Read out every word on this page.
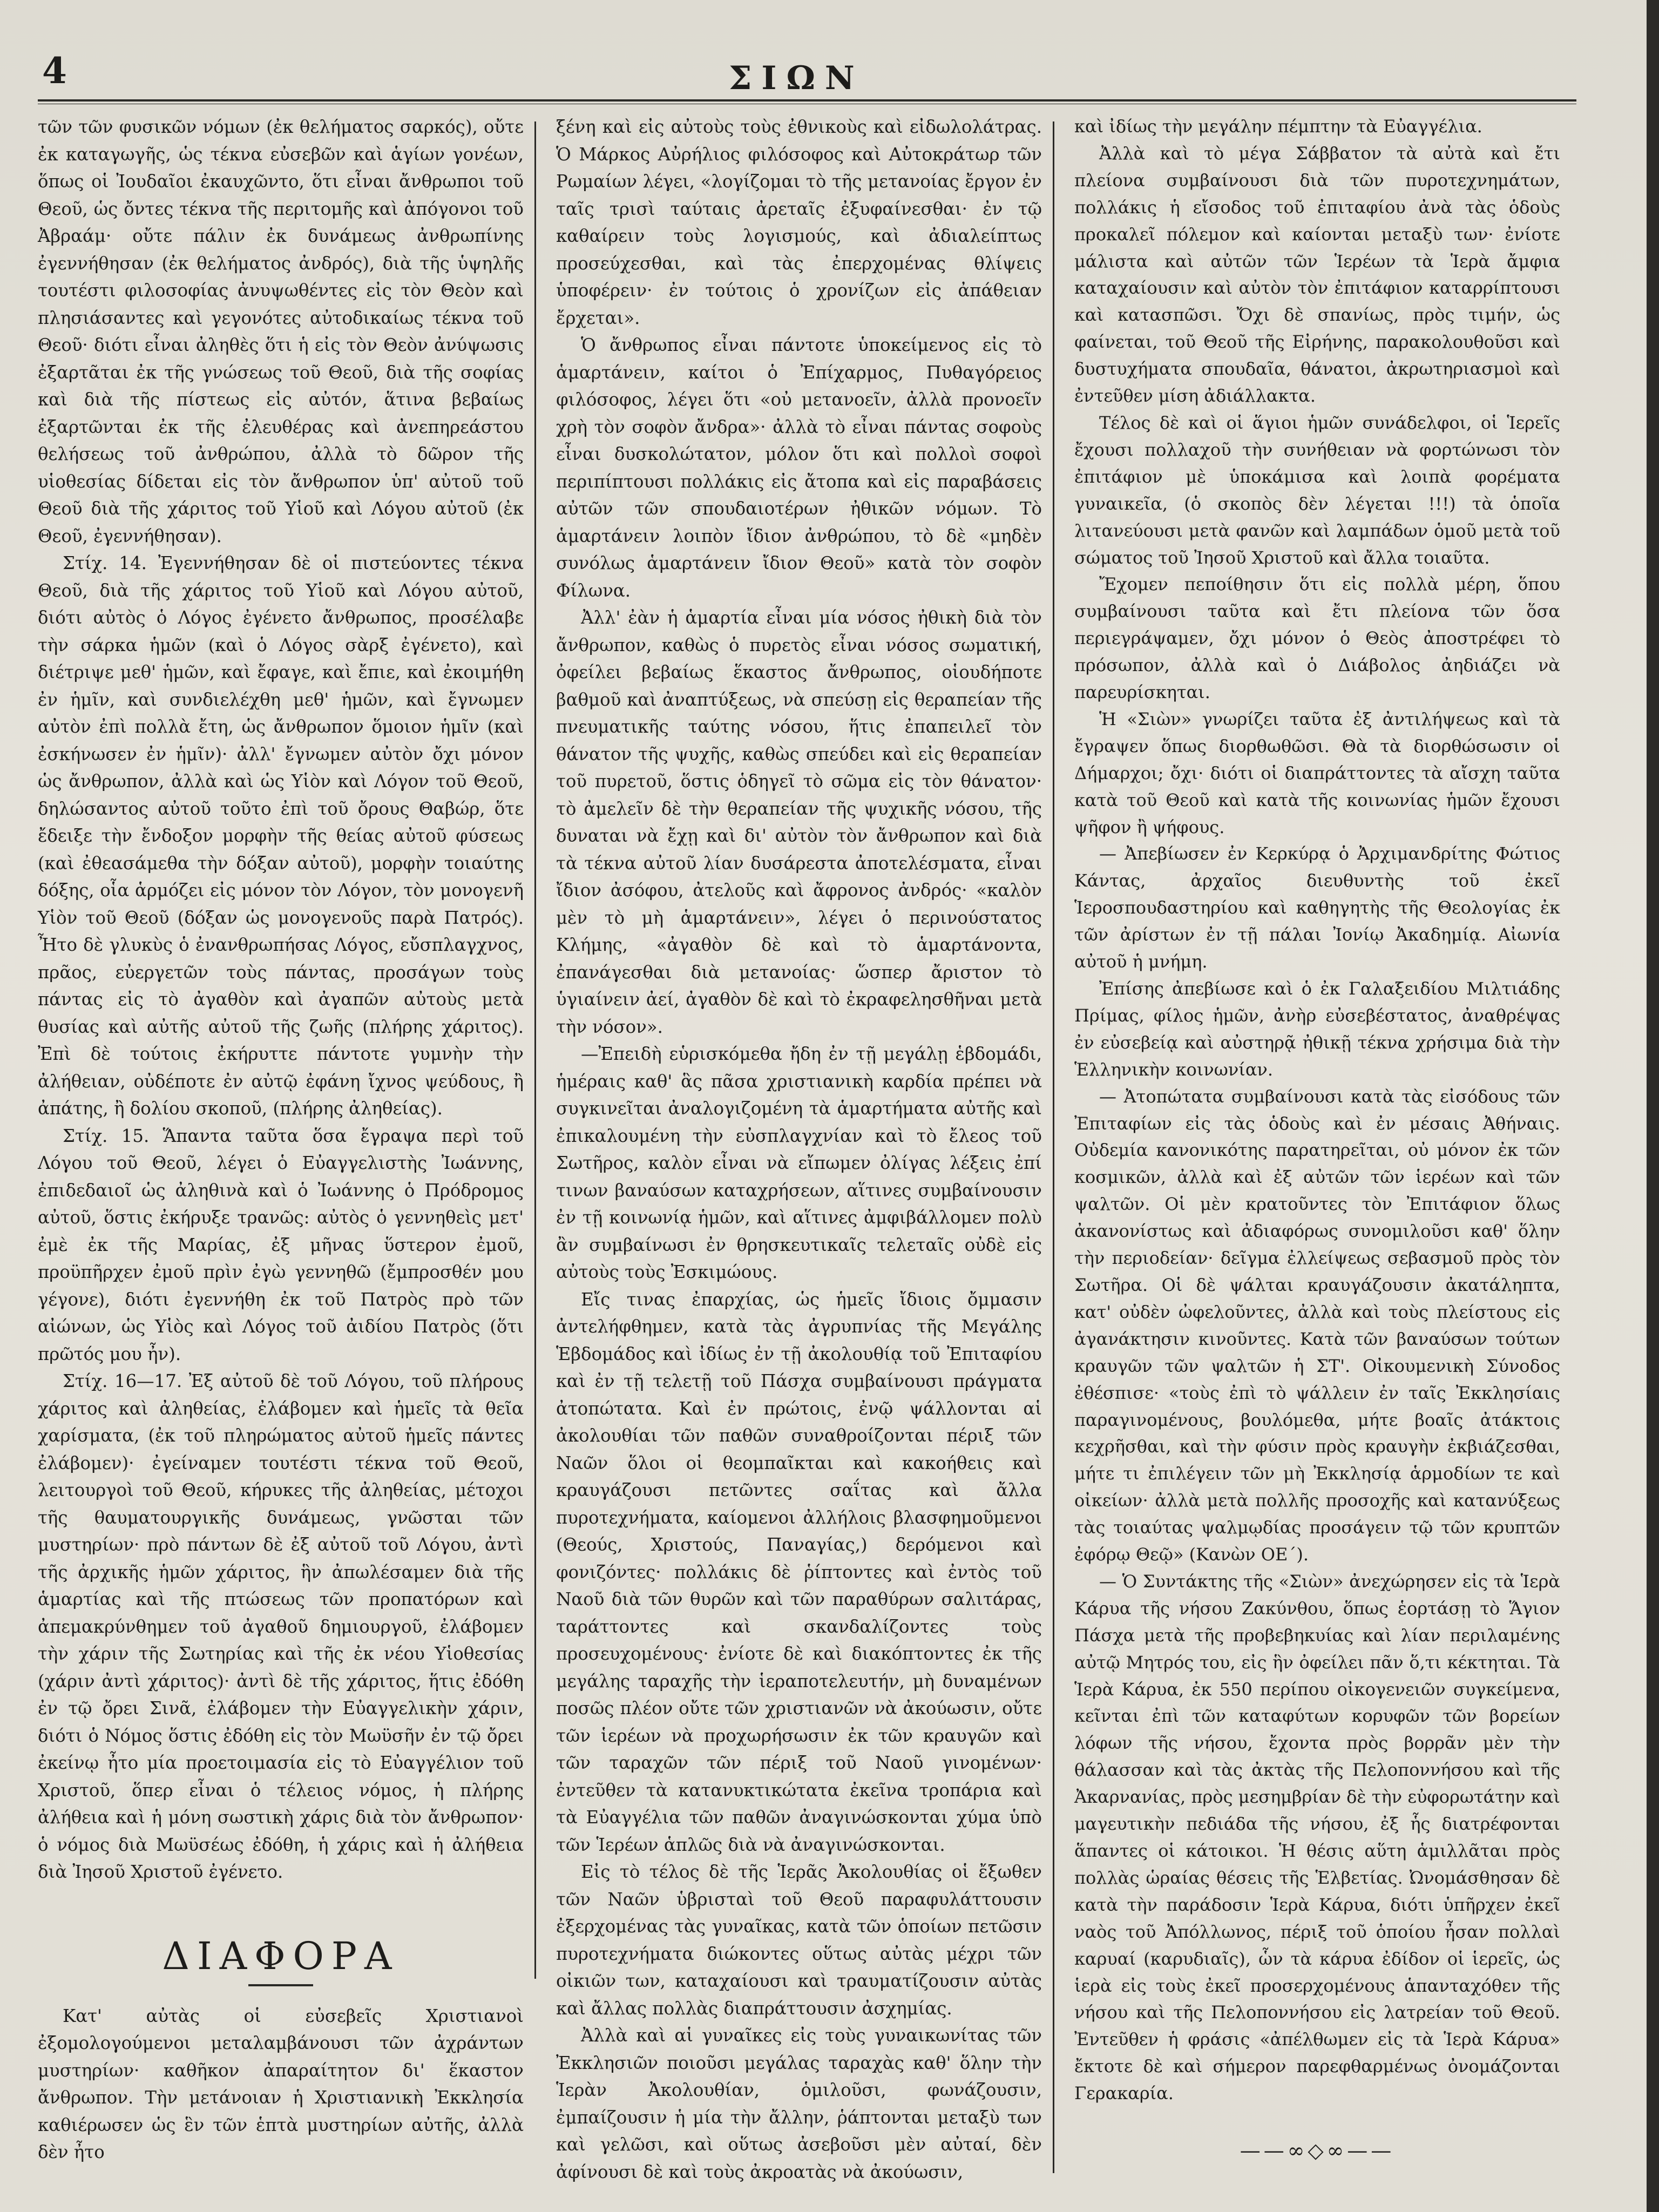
4	ΣΙΩΝ

τῶν τῶν φυσικῶν νόμων (ἐκ θελήματος σαρκός), οὔτε ἐκ καταγωγῆς, ὡς τέκνα εὐσεβῶν καὶ ἁγίων γονέων, ὅπως οἱ Ἰουδαῖοι ἐκαυχῶντο, ὅτι εἶναι ἄνθρωποι τοῦ Θεοῦ, ὡς ὄντες τέκνα τῆς περιτομῆς καὶ ἀπόγονοι τοῦ Ἀβραάμ· οὔτε πάλιν ἐκ δυνάμεως ἀνθρωπίνης ἐγεννήθησαν (ἐκ θελήματος ἀνδρός), διὰ τῆς ὑψηλῆς τουτέστι φιλοσοφίας ἀνυψωθέντες εἰς τὸν Θεὸν καὶ πλησιάσαντες καὶ γεγονότες αὐτοδικαίως τέκνα τοῦ Θεοῦ· διότι εἶναι ἀληθὲς ὅτι ἡ εἰς τὸν Θεὸν ἀνύψωσις ἐξαρτᾶται ἐκ τῆς γνώσεως τοῦ Θεοῦ, διὰ τῆς σοφίας καὶ διὰ τῆς πίστεως εἰς αὐτόν, ἅτινα βεβαίως ἐξαρτῶνται ἐκ τῆς ἐλευθέρας καὶ ἀνεπηρεάστου θελήσεως τοῦ ἀνθρώπου, ἀλλὰ τὸ δῶρον τῆς υἱοθεσίας δίδεται εἰς τὸν ἄνθρωπον ὑπ' αὐτοῦ τοῦ Θεοῦ διὰ τῆς χάριτος τοῦ Υἱοῦ καὶ Λόγου αὐτοῦ (ἐκ Θεοῦ, ἐγεννήθησαν).

Στίχ. 14. Ἐγεννήθησαν δὲ οἱ πιστεύοντες τέκνα Θεοῦ, διὰ τῆς χάριτος τοῦ Υἱοῦ καὶ Λόγου αὐτοῦ, διότι αὐτὸς ὁ Λόγος ἐγένετο ἄνθρωπος, προσέλαβε τὴν σάρκα ἡμῶν (καὶ ὁ Λόγος σὰρξ ἐγένετο), καὶ διέτριψε μεθ' ἡμῶν, καὶ ἔφαγε, καὶ ἔπιε, καὶ ἐκοιμήθη ἐν ἡμῖν, καὶ συνδιελέχθη μεθ' ἡμῶν, καὶ ἔγνωμεν αὐτὸν ἐπὶ πολλὰ ἔτη, ὡς ἄνθρωπον ὅμοιον ἡμῖν (καὶ ἐσκήνωσεν ἐν ἡμῖν)· ἀλλ' ἔγνωμεν αὐτὸν ὄχι μόνον ὡς ἄνθρωπον, ἀλλὰ καὶ ὡς Υἱὸν καὶ Λόγον τοῦ Θεοῦ, δηλώσαντος αὐτοῦ τοῦτο ἐπὶ τοῦ ὄρους Θαβώρ, ὅτε ἔδειξε τὴν ἔνδοξον μορφὴν τῆς θείας αὐτοῦ φύσεως (καὶ ἐθεασάμεθα τὴν δόξαν αὐτοῦ), μορφὴν τοιαύτης δόξης, οἷα ἁρμόζει εἰς μόνον τὸν Λόγον, τὸν μονογενῆ Υἱὸν τοῦ Θεοῦ (δόξαν ὡς μονογενοῦς παρὰ Πατρός). Ἦτο δὲ γλυκὺς ὁ ἐνανθρωπήσας Λόγος, εὔσπλαγχνος, πρᾶος, εὐεργετῶν τοὺς πάντας, προσάγων τοὺς πάντας εἰς τὸ ἀγαθὸν καὶ ἀγαπῶν αὐτοὺς μετὰ θυσίας καὶ αὐτῆς αὐτοῦ τῆς ζωῆς (πλήρης χάριτος). Ἐπὶ δὲ τούτοις ἐκήρυττε πάντοτε γυμνὴν τὴν ἀλήθειαν, οὐδέποτε ἐν αὐτῷ ἐφάνη ἴχνος ψεύδους, ἢ ἀπάτης, ἢ δολίου σκοποῦ, (πλήρης ἀληθείας).

Στίχ. 15. Ἅπαντα ταῦτα ὅσα ἔγραψα περὶ τοῦ Λόγου τοῦ Θεοῦ, λέγει ὁ Εὐαγγελιστὴς Ἰωάννης, ἐπιδεδαιοῖ ὡς ἀληθινὰ καὶ ὁ Ἰωάννης ὁ Πρόδρομος αὐτοῦ, ὅστις ἐκήρυξε τρανῶς: αὐτὸς ὁ γεννηθεὶς μετ' ἐμὲ ἐκ τῆς Μαρίας, ἐξ μῆνας ὕστερον ἐμοῦ, προϋπῆρχεν ἐμοῦ πρὶν ἐγὼ γεννηθῶ (ἔμπροσθέν μου γέγονε), διότι ἐγεννήθη ἐκ τοῦ Πατρὸς πρὸ τῶν αἰώνων, ὡς Υἱὸς καὶ Λόγος τοῦ ἀιδίου Πατρὸς (ὅτι πρῶτός μου ἦν).

Στίχ. 16—17. Ἐξ αὐτοῦ δὲ τοῦ Λόγου, τοῦ πλήρους χάριτος καὶ ἀληθείας, ἐλάβομεν καὶ ἡμεῖς τὰ θεῖα χαρίσματα, (ἐκ τοῦ πληρώματος αὐτοῦ ἡμεῖς πάντες ἐλάβομεν)· ἐγείναμεν τουτέστι τέκνα τοῦ Θεοῦ, λειτουργοὶ τοῦ Θεοῦ, κήρυκες τῆς ἀληθείας, μέτοχοι τῆς θαυματουργικῆς δυνάμεως, γνῶσται τῶν μυστηρίων· πρὸ πάντων δὲ ἐξ αὐτοῦ τοῦ Λόγου, ἀντὶ τῆς ἀρχικῆς ἡμῶν χάριτος, ἣν ἀπωλέσαμεν διὰ τῆς ἁμαρτίας καὶ τῆς πτώσεως τῶν προπατόρων καὶ ἀπεμακρύνθημεν τοῦ ἀγαθοῦ δημιουργοῦ, ἐλάβομεν τὴν χάριν τῆς Σωτηρίας καὶ τῆς ἐκ νέου Υἱοθεσίας (χάριν ἀντὶ χάριτος)· ἀντὶ δὲ τῆς χάριτος, ἥτις ἐδόθη ἐν τῷ ὄρει Σινᾶ, ἐλάβομεν τὴν Εὐαγγελικὴν χάριν, διότι ὁ Νόμος ὅστις ἐδόθη εἰς τὸν Μωϋσῆν ἐν τῷ ὄρει ἐκείνῳ ἦτο μία προετοιμασία εἰς τὸ Εὐαγγέλιον τοῦ Χριστοῦ, ὅπερ εἶναι ὁ τέλειος νόμος, ἡ πλήρης ἀλήθεια καὶ ἡ μόνη σωστικὴ χάρις διὰ τὸν ἄνθρωπον· ὁ νόμος διὰ Μωϋσέως ἐδόθη, ἡ χάρις καὶ ἡ ἀλήθεια διὰ Ἰησοῦ Χριστοῦ ἐγένετο.

ΔΙΑΦΟΡΑ

Κατ' αὐτὰς οἱ εὐσεβεῖς Χριστιανοὶ ἐξομολογούμενοι μεταλαμβάνουσι τῶν ἀχράντων μυστηρίων· καθῆκον ἀπαραίτητον δι' ἕκαστον ἄνθρωπον. Τὴν μετάνοιαν ἡ Χριστιανικὴ Ἐκκλησία καθιέρωσεν ὡς ἓν τῶν ἑπτὰ μυστηρίων αὐτῆς, ἀλλὰ δὲν ἦτο

ξένη καὶ εἰς αὐτοὺς τοὺς ἐθνικοὺς καὶ εἰδωλολάτρας. Ὁ Μάρκος Αὐρήλιος φιλόσοφος καὶ Αὐτοκράτωρ τῶν Ρωμαίων λέγει, «λογίζομαι τὸ τῆς μετανοίας ἔργον ἐν ταῖς τρισὶ ταύταις ἀρεταῖς ἐξυφαίνεσθαι· ἐν τῷ καθαίρειν τοὺς λογισμούς, καὶ ἀδιαλείπτως προσεύχεσθαι, καὶ τὰς ἐπερχομένας θλίψεις ὑποφέρειν· ἐν τούτοις ὁ χρονίζων εἰς ἀπάθειαν ἔρχεται».

Ὁ ἄνθρωπος εἶναι πάντοτε ὑποκείμενος εἰς τὸ ἁμαρτάνειν, καίτοι ὁ Ἐπίχαρμος, Πυθαγόρειος φιλόσοφος, λέγει ὅτι «οὐ μετανοεῖν, ἀλλὰ προνοεῖν χρὴ τὸν σοφὸν ἄνδρα»· ἀλλὰ τὸ εἶναι πάντας σοφοὺς εἶναι δυσκολώτατον, μόλον ὅτι καὶ πολλοὶ σοφοὶ περιπίπτουσι πολλάκις εἰς ἄτοπα καὶ εἰς παραβάσεις αὐτῶν τῶν σπουδαιοτέρων ἠθικῶν νόμων. Τὸ ἁμαρτάνειν λοιπὸν ἴδιον ἀνθρώπου, τὸ δὲ «μηδὲν συνόλως ἁμαρτάνειν ἴδιον Θεοῦ» κατὰ τὸν σοφὸν Φίλωνα.

Ἀλλ' ἐὰν ἡ ἁμαρτία εἶναι μία νόσος ἠθικὴ διὰ τὸν ἄνθρωπον, καθὼς ὁ πυρετὸς εἶναι νόσος σωματική, ὀφείλει βεβαίως ἕκαστος ἄνθρωπος, οἱουδήποτε βαθμοῦ καὶ ἀναπτύξεως, νὰ σπεύσῃ εἰς θεραπείαν τῆς πνευματικῆς ταύτης νόσου, ἥτις ἐπαπειλεῖ τὸν θάνατον τῆς ψυχῆς, καθὼς σπεύδει καὶ εἰς θεραπείαν τοῦ πυρετοῦ, ὅστις ὁδηγεῖ τὸ σῶμα εἰς τὸν θάνατον· τὸ ἀμελεῖν δὲ τὴν θεραπείαν τῆς ψυχικῆς νόσου, τῆς δυναται νὰ ἔχῃ καὶ δι' αὐτὸν τὸν ἄνθρωπον καὶ διὰ τὰ τέκνα αὐτοῦ λίαν δυσάρεστα ἀποτελέσματα, εἶναι ἴδιον ἀσόφου, ἀτελοῦς καὶ ἄφρονος ἀνδρός· «καλὸν μὲν τὸ μὴ ἁμαρτάνειν», λέγει ὁ περινούστατος Κλήμης, «ἀγαθὸν δὲ καὶ τὸ ἁμαρτάνοντα, ἐπανάγεσθαι διὰ μετανοίας· ὥσπερ ἄριστον τὸ ὑγιαίνειν ἀεί, ἀγαθὸν δὲ καὶ τὸ ἐκραφελησθῆναι μετὰ τὴν νόσον».

—Ἐπειδὴ εὑρισκόμεθα ἤδη ἐν τῇ μεγάλῃ ἑβδομάδι, ἡμέραις καθ' ἃς πᾶσα χριστιανικὴ καρδία πρέπει νὰ συγκινεῖται ἀναλογιζομένη τὰ ἁμαρτήματα αὐτῆς καὶ ἐπικαλουμένη τὴν εὐσπλαγχνίαν καὶ τὸ ἔλεος τοῦ Σωτῆρος, καλὸν εἶναι νὰ εἴπωμεν ὀλίγας λέξεις ἐπί τινων βαναύσων καταχρήσεων, αἵτινες συμβαίνουσιν ἐν τῇ κοινωνίᾳ ἡμῶν, καὶ αἵτινες ἀμφιβάλλομεν πολὺ ἂν συμβαίνωσι ἐν θρησκευτικαῖς τελεταῖς οὐδὲ εἰς αὐτοὺς τοὺς Ἐσκιμώους.

Εἴς τινας ἐπαρχίας, ὡς ἡμεῖς ἴδιοις ὄμμασιν ἀντελήφθημεν, κατὰ τὰς ἀγρυπνίας τῆς Μεγάλης Ἑβδομάδος καὶ ἰδίως ἐν τῇ ἀκολουθίᾳ τοῦ Ἐπιταφίου καὶ ἐν τῇ τελετῇ τοῦ Πάσχα συμβαίνουσι πράγματα ἀτοπώτατα. Καὶ ἐν πρώτοις, ἐνῷ ψάλλονται αἱ ἀκολουθίαι τῶν παθῶν συναθροίζονται πέριξ τῶν Ναῶν ὅλοι οἱ θεομπαῖκται καὶ κακοήθεις καὶ κραυγάζουσι πετῶντες σαΐτας καὶ ἄλλα πυροτεχνήματα, καίομενοι ἀλλήλοις βλασφημοῦμενοι (Θεούς, Χριστούς, Παναγίας,) δερόμενοι καὶ φονιζόντες· πολλάκις δὲ ῥίπτοντες καὶ ἐντὸς τοῦ Ναοῦ διὰ τῶν θυρῶν καὶ τῶν παραθύρων σαλιτάρας, ταράττοντες καὶ σκανδαλίζοντες τοὺς προσευχομένους· ἐνίοτε δὲ καὶ διακόπτοντες ἐκ τῆς μεγάλης ταραχῆς τὴν ἱεραποτελευτήν, μὴ δυναμένων ποσῶς πλέον οὔτε τῶν χριστιανῶν νὰ ἀκούωσιν, οὔτε τῶν ἱερέων νὰ προχωρήσωσιν ἐκ τῶν κραυγῶν καὶ τῶν ταραχῶν τῶν πέριξ τοῦ Ναοῦ γινομένων· ἐντεῦθεν τὰ κατανυκτικώτατα ἐκεῖνα τροπάρια καὶ τὰ Εὐαγγέλια τῶν παθῶν ἀναγινώσκονται χύμα ὑπὸ τῶν Ἱερέων ἁπλῶς διὰ νὰ ἀναγινώσκονται.

Εἰς τὸ τέλος δὲ τῆς Ἱερᾶς Ἀκολουθίας οἱ ἔξωθεν τῶν Ναῶν ὑβρισταὶ τοῦ Θεοῦ παραφυλάττουσιν ἐξερχομένας τὰς γυναῖκας, κατὰ τῶν ὁποίων πετῶσιν πυροτεχνήματα διώκοντες οὕτως αὐτὰς μέχρι τῶν οἰκιῶν των, καταχαίουσι καὶ τραυματίζουσιν αὐτὰς καὶ ἄλλας πολλὰς διαπράττουσιν ἀσχημίας.

Ἀλλὰ καὶ αἱ γυναῖκες εἰς τοὺς γυναικωνίτας τῶν Ἐκκλησιῶν ποιοῦσι μεγάλας ταραχὰς καθ' ὅλην τὴν Ἱερὰν Ἀκολουθίαν, ὁμιλοῦσι, φωνάζουσιν, ἐμπαίζουσιν ἡ μία τὴν ἄλλην, ῥάπτονται μεταξὺ των καὶ γελῶσι, καὶ οὕτως ἀσεβοῦσι μὲν αὐταί, δὲν ἀφίνουσι δὲ καὶ τοὺς ἀκροατὰς νὰ ἀκούωσιν,

καὶ ἰδίως τὴν μεγάλην πέμπτην τὰ Εὐαγγέλια.

Ἀλλὰ καὶ τὸ μέγα Σάββατον τὰ αὐτὰ καὶ ἔτι πλείονα συμβαίνουσι διὰ τῶν πυροτεχνημάτων, πολλάκις ἡ εἴσοδος τοῦ ἐπιταφίου ἀνὰ τὰς ὁδοὺς προκαλεῖ πόλεμον καὶ καίονται μεταξὺ των· ἐνίοτε μάλιστα καὶ αὐτῶν τῶν Ἱερέων τὰ Ἱερὰ ἄμφια καταχαίουσιν καὶ αὐτὸν τὸν ἐπιτάφιον καταρρίπτουσι καὶ κατασπῶσι. Ὄχι δὲ σπανίως, πρὸς τιμήν, ὡς φαίνεται, τοῦ Θεοῦ τῆς Εἰρήνης, παρακολουθοῦσι καὶ δυστυχήματα σπουδαῖα, θάνατοι, ἀκρωτηριασμοὶ καὶ ἐντεῦθεν μίση ἀδιάλλακτα.

Τέλος δὲ καὶ οἱ ἅγιοι ἡμῶν συνάδελφοι, οἱ Ἱερεῖς ἔχουσι πολλαχοῦ τὴν συνήθειαν νὰ φορτώνωσι τὸν ἐπιτάφιον μὲ ὑποκάμισα καὶ λοιπὰ φορέματα γυναικεῖα, (ὁ σκοπὸς δὲν λέγεται !!!) τὰ ὁποῖα λιτανεύουσι μετὰ φανῶν καὶ λαμπάδων ὁμοῦ μετὰ τοῦ σώματος τοῦ Ἰησοῦ Χριστοῦ καὶ ἄλλα τοιαῦτα.

Ἔχομεν πεποίθησιν ὅτι εἰς πολλὰ μέρη, ὅπου συμβαίνουσι ταῦτα καὶ ἔτι πλείονα τῶν ὅσα περιεγράψαμεν, ὄχι μόνον ὁ Θεὸς ἀποστρέφει τὸ πρόσωπον, ἀλλὰ καὶ ὁ Διάβολος ἀηδιάζει νὰ παρευρίσκηται.

Ἡ «Σιὼν» γνωρίζει ταῦτα ἐξ ἀντιλήψεως καὶ τὰ ἔγραψεν ὅπως διορθωθῶσι. Θὰ τὰ διορθώσωσιν οἱ Δήμαρχοι; ὄχι· διότι οἱ διαπράττοντες τὰ αἴσχη ταῦτα κατὰ τοῦ Θεοῦ καὶ κατὰ τῆς κοινωνίας ἡμῶν ἔχουσι ψῆφον ἢ ψήφους.

— Ἀπεβίωσεν ἐν Κερκύρᾳ ὁ Ἀρχιμανδρίτης Φώτιος Κάντας, ἀρχαῖος διευθυντὴς τοῦ ἐκεῖ Ἱεροσπουδαστηρίου καὶ καθηγητὴς τῆς Θεολογίας ἐκ τῶν ἀρίστων ἐν τῇ πάλαι Ἰονίῳ Ἀκαδημίᾳ. Αἰωνία αὐτοῦ ἡ μνήμη.

Ἐπίσης ἀπεβίωσε καὶ ὁ ἐκ Γαλαξειδίου Μιλτιάδης Πρίμας, φίλος ἡμῶν, ἀνὴρ εὐσεβέστατος, ἀναθρέψας ἐν εὐσεβείᾳ καὶ αὐστηρᾷ ἠθικῇ τέκνα χρήσιμα διὰ τὴν Ἑλληνικὴν κοινωνίαν.

— Ἀτοπώτατα συμβαίνουσι κατὰ τὰς εἰσόδους τῶν Ἐπιταφίων εἰς τὰς ὁδοὺς καὶ ἐν μέσαις Ἀθήναις. Οὐδεμία κανονικότης παρατηρεῖται, οὐ μόνον ἐκ τῶν κοσμικῶν, ἀλλὰ καὶ ἐξ αὐτῶν τῶν ἱερέων καὶ τῶν ψαλτῶν. Οἱ μὲν κρατοῦντες τὸν Ἐπιτάφιον ὅλως ἀκανονίστως καὶ ἀδιαφόρως συνομιλοῦσι καθ' ὅλην τὴν περιοδείαν· δεῖγμα ἐλλείψεως σεβασμοῦ πρὸς τὸν Σωτῆρα. Οἱ δὲ ψάλται κραυγάζουσιν ἀκατάληπτα, κατ' οὐδὲν ὠφελοῦντες, ἀλλὰ καὶ τοὺς πλείστους εἰς ἀγανάκτησιν κινοῦντες. Κατὰ τῶν βαναύσων τούτων κραυγῶν τῶν ψαλτῶν ἡ ΣΤ'. Οἰκουμενικὴ Σύνοδος ἐθέσπισε· «τοὺς ἐπὶ τὸ ψάλλειν ἐν ταῖς Ἐκκλησίαις παραγινομένους, βουλόμεθα, μήτε βοαῖς ἀτάκτοις κεχρῆσθαι, καὶ τὴν φύσιν πρὸς κραυγὴν ἐκβιάζεσθαι, μήτε τι ἐπιλέγειν τῶν μὴ Ἐκκλησίᾳ ἁρμοδίων τε καὶ οἰκείων· ἀλλὰ μετὰ πολλῆς προσοχῆς καὶ κατανύξεως τὰς τοιαύτας ψαλμῳδίας προσάγειν τῷ τῶν κρυπτῶν ἐφόρῳ Θεῷ» (Κανὼν ΟΕ΄).

— Ὁ Συντάκτης τῆς «Σιὼν» ἀνεχώρησεν εἰς τὰ Ἱερὰ Κάρυα τῆς νήσου Ζακύνθου, ὅπως ἑορτάσῃ τὸ Ἅγιον Πάσχα μετὰ τῆς προβεβηκυίας καὶ λίαν περιλαμένης αὐτῷ Μητρός του, εἰς ἣν ὀφείλει πᾶν ὅ,τι κέκτηται. Τὰ Ἱερὰ Κάρυα, ἐκ 550 περίπου οἰκογενειῶν συγκείμενα, κεῖνται ἐπὶ τῶν καταφύτων κορυφῶν τῶν βορείων λόφων τῆς νήσου, ἔχοντα πρὸς βορρᾶν μὲν τὴν θάλασσαν καὶ τὰς ἀκτὰς τῆς Πελοποννήσου καὶ τῆς Ἀκαρνανίας, πρὸς μεσημβρίαν δὲ τὴν εὐφορωτάτην καὶ μαγευτικὴν πεδιάδα τῆς νήσου, ἐξ ἧς διατρέφονται ἅπαντες οἱ κάτοικοι. Ἡ θέσις αὕτη ἁμιλλᾶται πρὸς πολλὰς ὡραίας θέσεις τῆς Ἑλβετίας. Ὠνομάσθησαν δὲ κατὰ τὴν παράδοσιν Ἱερὰ Κάρυα, διότι ὑπῆρχεν ἐκεῖ ναὸς τοῦ Ἀπόλλωνος, πέριξ τοῦ ὁποίου ἦσαν πολλαὶ καρυαί (καρυδιαῖς), ὧν τὰ κάρυα ἐδίδον οἱ ἱερεῖς, ὡς ἱερὰ εἰς τοὺς ἐκεῖ προσερχομένους ἁπανταχόθεν τῆς νήσου καὶ τῆς Πελοποννήσου εἰς λατρείαν τοῦ Θεοῦ. Ἐντεῦθεν ἡ φράσις «ἀπέλθωμεν εἰς τὰ Ἱερὰ Κάρυα» ἔκτοτε δὲ καὶ σήμερον παρεφθαρμένως ὀνομάζονται Γερακαρία.

——∞◇∞——
